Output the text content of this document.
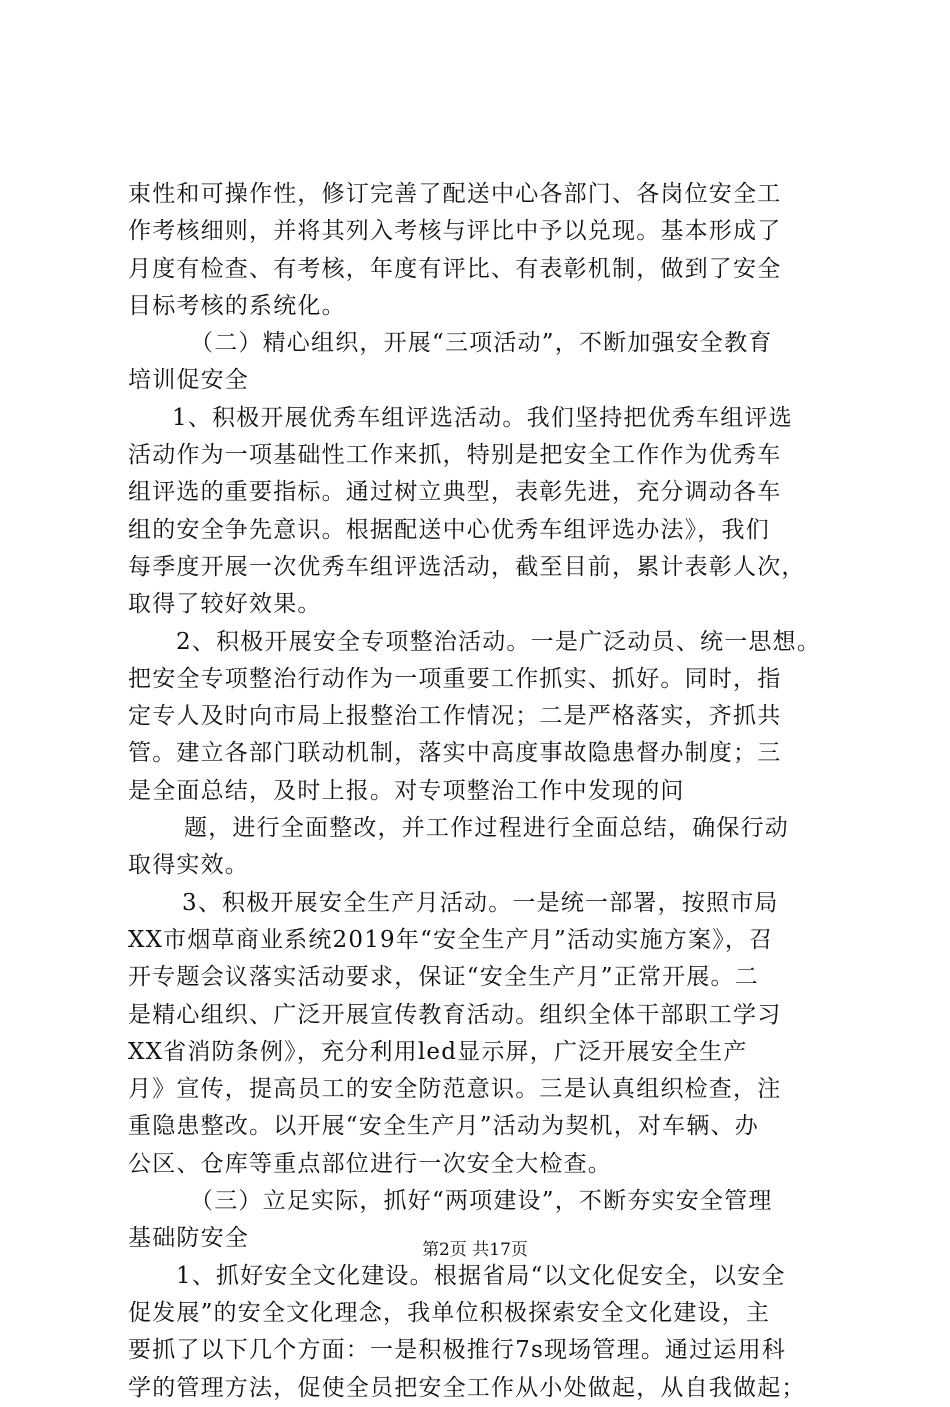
束性和可操作性，修订完善了配送中心各部门、各岗位安全工
作考核细则，并将其列入考核与评比中予以兑现。基本形成了
月度有检查、有考核，年度有评比、有表彰机制，做到了安全
目标考核的系统化。
（二）精心组织，开展“三项活动”，不断加强安全教育
培训促安全
1、积极开展优秀车组评选活动。我们坚持把优秀车组评选
活动作为一项基础性工作来抓，特别是把安全工作作为优秀车
组评选的重要指标。通过树立典型，表彰先进，充分调动各车
组的安全争先意识。根据配送中心优秀车组评选办法》，我们
每季度开展一次优秀车组评选活动，截至目前，累计表彰人次，
取得了较好效果。
2、积极开展安全专项整治活动。一是广泛动员、统一思想。
把安全专项整治行动作为一项重要工作抓实、抓好。同时，指
定专人及时向市局上报整治工作情况；二是严格落实，齐抓共
管。建立各部门联动机制，落实中高度事故隐患督办制度；三
是全面总结，及时上报。对专项整治工作中发现的问
题，进行全面整改，并工作过程进行全面总结，确保行动
取得实效。
3、积极开展安全生产月活动。一是统一部署，按照市局
XX市烟草商业系统2019年“安全生产月”活动实施方案》，召
开专题会议落实活动要求，保证“安全生产月”正常开展。二
是精心组织、广泛开展宣传教育活动。组织全体干部职工学习
XX省消防条例》，充分利用led显示屏，广泛开展安全生产
月》宣传，提高员工的安全防范意识。三是认真组织检查，注
重隐患整改。以开展“安全生产月”活动为契机，对车辆、办
公区、仓库等重点部位进行一次安全大检查。
（三）立足实际，抓好“两项建设”，不断夯实安全管理
基础防安全
1、抓好安全文化建设。根据省局“以文化促安全，以安全
促发展”的安全文化理念，我单位积极探索安全文化建设，主
要抓了以下几个方面：一是积极推行7s现场管理。通过运用科
学的管理方法，促使全员把安全工作从小处做起，从自我做起；
第2页 共17页
